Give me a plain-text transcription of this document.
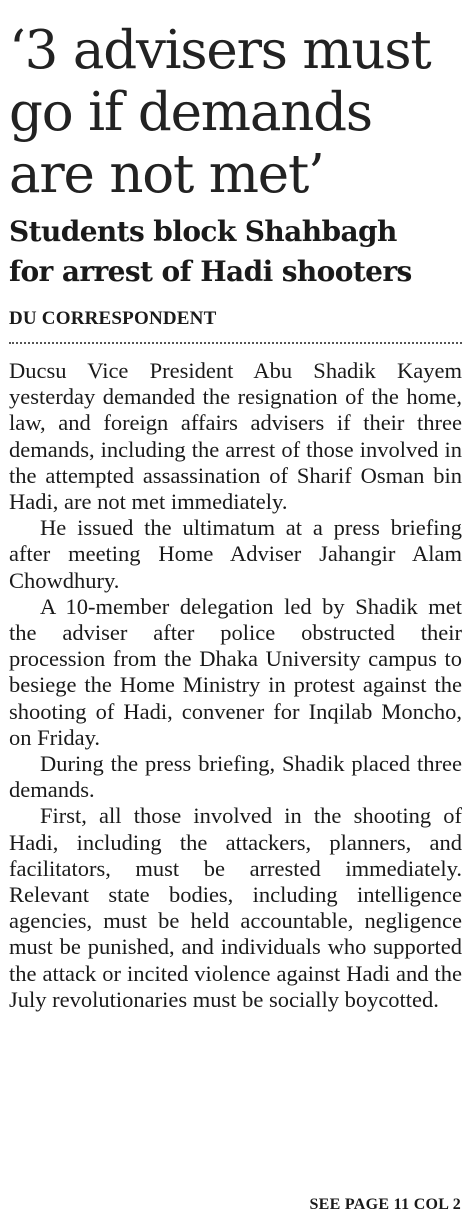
‘3 advisers must
go if demands
are not met’
Students block Shahbagh
for arrest of Hadi shooters
DU CORRESPONDENT

Ducsu Vice President Abu Shadik Kayem yesterday demanded the resignation of the home, law, and foreign affairs advisers if their three demands, including the arrest of those involved in the attempted assassination of Sharif Osman bin Hadi, are not met immediately.

He issued the ultimatum at a press briefing after meeting Home Adviser Jahangir Alam Chowdhury.

A 10-member delegation led by Shadik met the adviser after police obstructed their procession from the Dhaka University campus to besiege the Home Ministry in protest against the shooting of Hadi, convener for Inqilab Moncho, on Friday.

During the press briefing, Shadik placed three demands.

First, all those involved in the shooting of Hadi, including the attackers, planners, and facilitators, must be arrested immediately. Relevant state bodies, including intelligence agencies, must be held accountable, negligence must be punished, and individuals who supported the attack or incited violence against Hadi and the July revolutionaries must be socially boycotted.

SEE PAGE 11 COL 2
